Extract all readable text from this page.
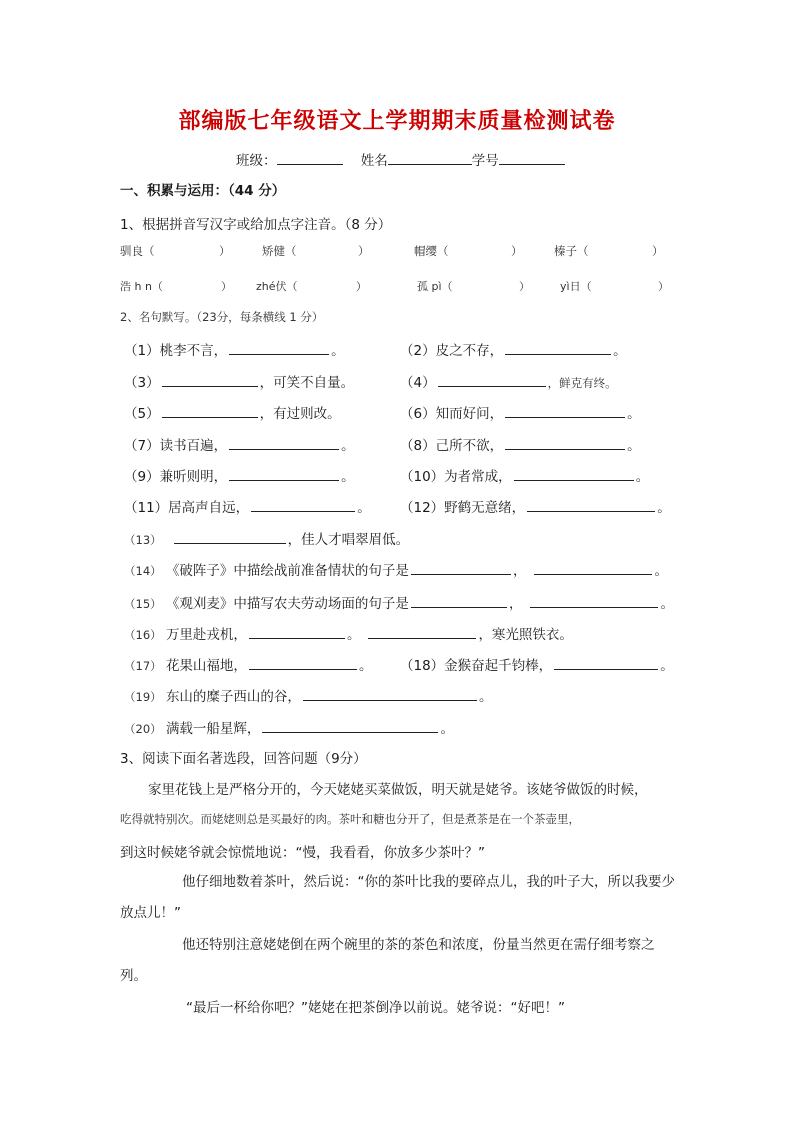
部编版七年级语文上学期期末质量检测试卷
班级：	姓名	学号
一、积累与运用：（44 分）
1、根据拼音写汉字或给加点字注音。（8 分）
驯良（	）	矫健（	）	帽缨（	）	榛子（	）
浩 h n（	） zhé伏（	）	孤 pì（	）	yì日（	）
2、名句默写。（23分，每条横线 1 分）
（1）桃李不言，	。	（2）皮之不存，	。
（3）	，可笑不自量。	（4）	，鲜克有终。
（5）	，有过则改。	（6）知而好问，	。
（7）读书百遍，	。	（8）己所不欲，	。
（9）兼听则明，	。	（10）为者常成，	。
（11）居高声自远，	。 （12）野鹤无意绪，	。
（13）	，佳人才唱翠眉低。
（14） 《破阵子》中描绘战前准备情状的句子是	，	。
（15） 《观刈麦》中描写农夫劳动场面的句子是	，	。
（16） 万里赴戎机，	。	，寒光照铁衣。
（17） 花果山福地，	。 （18）金猴奋起千钧棒，	。
（19） 东山的糜子西山的谷，	。
（20） 满载一船星辉，	。
3、阅读下面名著选段，回答问题（9分）
家里花钱上是严格分开的，今天姥姥买菜做饭，明天就是姥爷。该姥爷做饭的时候，
吃得就特别次。而姥姥则总是买最好的肉。茶叶和糖也分开了，但是煮茶是在一个茶壶里，
到这时候姥爷就会惊慌地说：“慢，我看看，你放多少茶叶？”
他仔细地数着茶叶，然后说：“你的茶叶比我的要碎点儿，我的叶子大，所以我要少放点儿！”
他还特别注意姥姥倒在两个碗里的茶的茶色和浓度，份量当然更在需仔细考察之列。
“最后一杯给你吧？”姥姥在把茶倒净以前说。姥爷说：“好吧！”
